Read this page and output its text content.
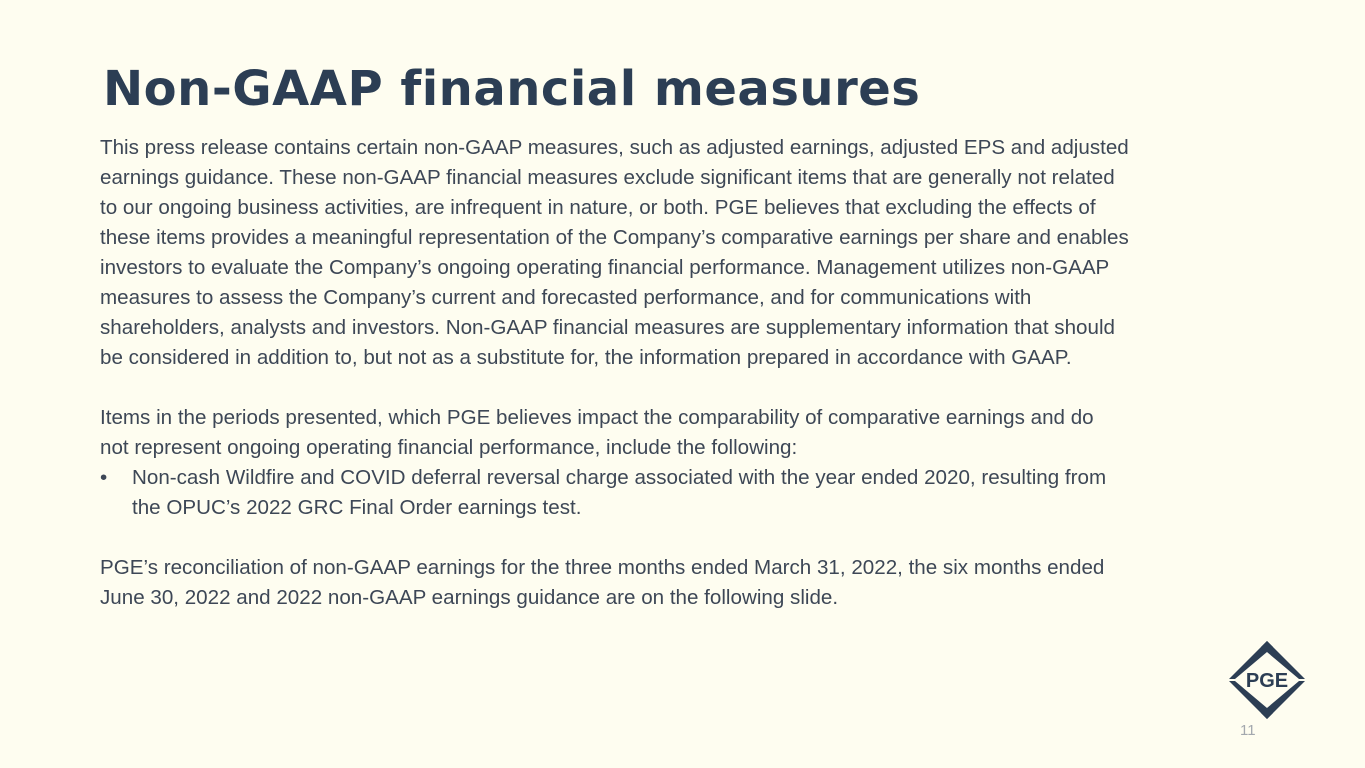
Non-GAAP financial measures

This press release contains certain non-GAAP measures, such as adjusted earnings, adjusted EPS and adjusted

earnings guidance. These non-GAAP financial measures exclude significant items that are generally not related

to our ongoing business activities, are infrequent in nature, or both. PGE believes that excluding the effects of

these items provides a meaningful representation of the Company’s comparative earnings per share and enables

investors to evaluate the Company’s ongoing operating financial performance. Management utilizes non-GAAP

measures to assess the Company’s current and forecasted performance, and for communications with

shareholders, analysts and investors. Non-GAAP financial measures are supplementary information that should

be considered in addition to, but not as a substitute for, the information prepared in accordance with GAAP.

Items in the periods presented, which PGE believes impact the comparability of comparative earnings and do

not represent ongoing operating financial performance, include the following:

• Non-cash Wildfire and COVID deferral reversal charge associated with the year ended 2020, resulting from

the OPUC’s 2022 GRC Final Order earnings test.

PGE’s reconciliation of non-GAAP earnings for the three months ended March 31, 2022, the six months ended

June 30, 2022 and 2022 non-GAAP earnings guidance are on the following slide.

PGE
11
